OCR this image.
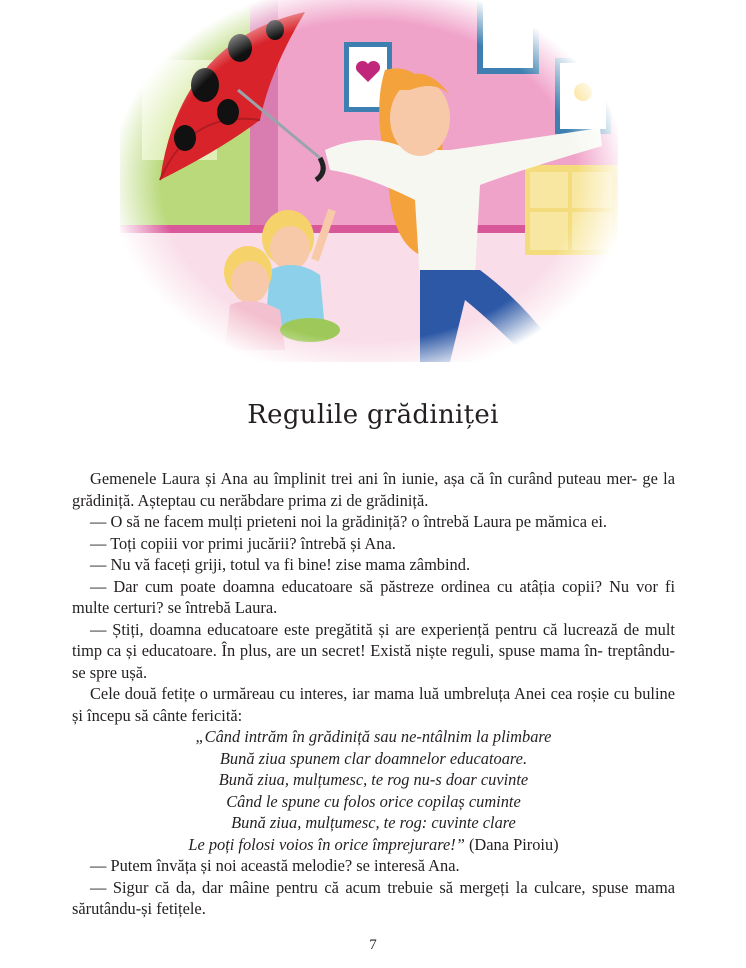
Regulile grădiniței

Gemenele Laura și Ana au împlinit trei ani în iunie, așa că în curând puteau mer- ge la grădiniță. Așteptau cu nerăbdare prima zi de grădiniță.

— O să ne facem mulți prieteni noi la grădiniță? o întrebă Laura pe mămica ei.

— Toți copiii vor primi jucării? întrebă și Ana.

— Nu vă faceți griji, totul va fi bine! zise mama zâmbind.

— Dar cum poate doamna educatoare să păstreze ordinea cu atâția copii? Nu vor fi multe certuri? se întrebă Laura.

— Știți, doamna educatoare este pregătită și are experiență pentru că lucrează de mult timp ca și educatoare. În plus, are un secret! Există niște reguli, spuse mama în- treptându-se spre ușă.

Cele două fetițe o urmăreau cu interes, iar mama luă umbreluța Anei cea roșie cu buline și începu să cânte fericită:

„Când intrăm în grădiniță sau ne-ntâlnim la plimbare
Bună ziua spunem clar doamnelor educatoare.
Bună ziua, mulțumesc, te rog nu-s doar cuvinte
Când le spune cu folos orice copilaș cuminte
Bună ziua, mulțumesc, te rog: cuvinte clare
Le poți folosi voios în orice împrejurare!” (Dana Piroiu)

— Putem învăța și noi această melodie? se interesă Ana.

— Sigur că da, dar mâine pentru că acum trebuie să mergeți la culcare, spuse mama sărutându-și fetițele.

7
